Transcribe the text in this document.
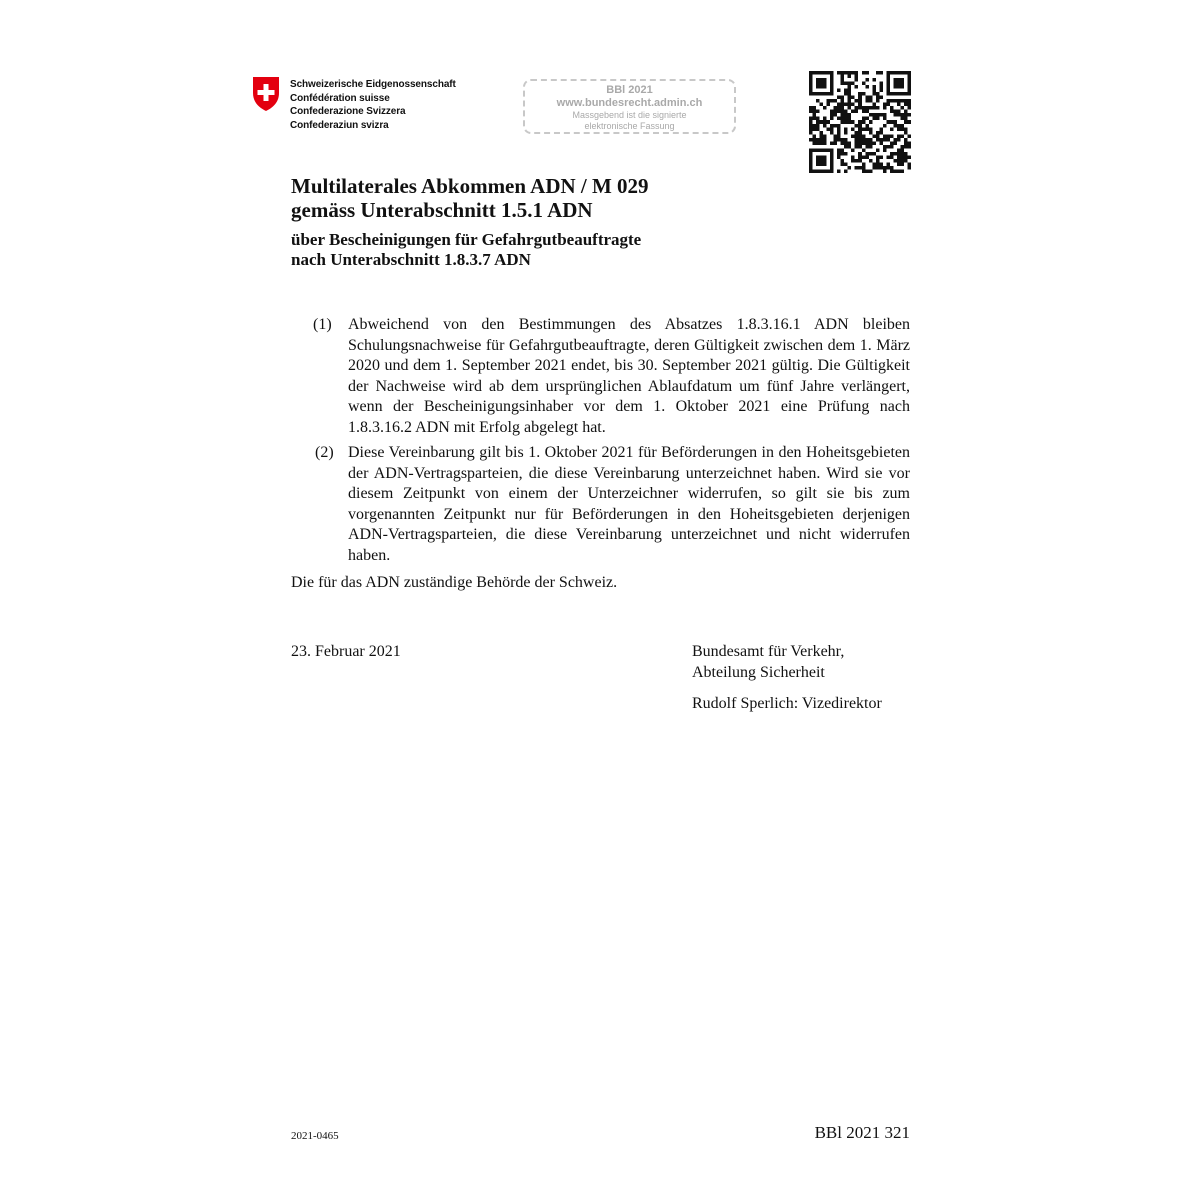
Schweizerische Eidgenossenschaft
Confédération suisse
Confederazione Svizzera
Confederaziun svizra
BBl 2021
www.bundesrecht.admin.ch
Massgebend ist die signierte
elektronische Fassung
Multilaterales Abkommen ADN / M 029
gemäss Unterabschnitt 1.5.1 ADN
über Bescheinigungen für Gefahrgutbeauftragte
nach Unterabschnitt 1.8.3.7 ADN
(1) Abweichend von den Bestimmungen des Absatzes 1.8.3.16.1 ADN bleiben Schulungsnachweise für Gefahrgutbeauftragte, deren Gültigkeit zwischen dem 1. März 2020 und dem 1. September 2021 endet, bis 30. September 2021 gültig. Die Gültigkeit der Nachweise wird ab dem ursprünglichen Ablaufdatum um fünf Jahre verlängert, wenn der Bescheinigungsinhaber vor dem 1. Oktober 2021 eine Prüfung nach 1.8.3.16.2 ADN mit Erfolg abgelegt hat.
(2) Diese Vereinbarung gilt bis 1. Oktober 2021 für Beförderungen in den Hoheitsgebieten der ADN-Vertragsparteien, die diese Vereinbarung unterzeichnet haben. Wird sie vor diesem Zeitpunkt von einem der Unterzeichner widerrufen, so gilt sie bis zum vorgenannten Zeitpunkt nur für Beförderungen in den Hoheitsgebieten derjenigen ADN-Vertragsparteien, die diese Vereinbarung unterzeichnet und nicht widerrufen haben.
Die für das ADN zuständige Behörde der Schweiz.
23. Februar 2021	Bundesamt für Verkehr,
Abteilung Sicherheit
Rudolf Sperlich: Vizedirektor
2021-0465	BBl 2021 321
